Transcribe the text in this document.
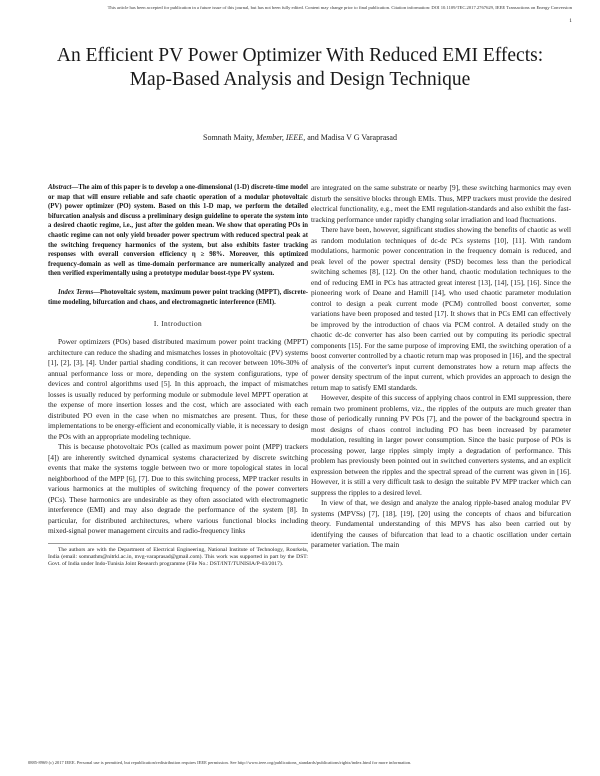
This article has been accepted for publication in a future issue of this journal, but has not been fully edited. Content may change prior to final publication. Citation information: DOI 10.1109/TEC.2017.2767629, IEEE Transactions on Energy Conversion
1
An Efficient PV Power Optimizer With Reduced EMI Effects: Map-Based Analysis and Design Technique
Somnath Maity, Member, IEEE, and Madisa V G Varaprasad

Abstract—The aim of this paper is to develop a one-dimensional (1-D) discrete-time model or map that will ensure reliable and safe chaotic operation of a modular photovoltaic (PV) power optimizer (PO) system. Based on this 1-D map, we perform the detailed bifurcation analysis and discuss a preliminary design guideline to operate the system into a desired chaotic regime, i.e., just after the golden mean. We show that operating POs in chaotic regime can not only yield broader power spectrum with reduced spectral peak at the switching frequency harmonics of the system, but also exhibits faster tracking responses with overall conversion efficiency η ≥ 98%. Moreover, this optimized frequency-domain as well as time-domain performance are numerically analyzed and then verified experimentally using a prototype modular boost-type PV system.

Index Terms—Photovoltaic system, maximum power point tracking (MPPT), discrete-time modeling, bifurcation and chaos, and electromagnetic interference (EMI).

I. Introduction

Power optimizers (POs) based distributed maximum power point tracking (MPPT) architecture can reduce the shading and mismatches losses in photovoltaic (PV) systems [1], [2], [3], [4]. Under partial shading conditions, it can recover between 10%-30% of annual performance loss or more, depending on the system configurations, type of devices and control algorithms used [5]. In this approach, the impact of mismatches losses is usually reduced by performing module or submodule level MPPT operation at the expense of more insertion losses and the cost, which are associated with each distributed PO even in the case when no mismatches are present. Thus, for these implementations to be energy-efficient and economically viable, it is necessary to design the POs with an appropriate modeling technique.

This is because photovoltaic POs (called as maximum power point (MPP) trackers [4]) are inherently switched dynamical systems characterized by discrete switching events that make the systems toggle between two or more topological states in local neighborhood of the MPP [6], [7]. Due to this switching process, MPP tracker results in various harmonics at the multiples of switching frequency of the power converters (PCs). These harmonics are undesirable as they often associated with electromagnetic interference (EMI) and may also degrade the performance of the system [8]. In particular, for distributed architectures, where various functional blocks including mixed-signal power management circuits and radio-frequency links

The authors are with the Department of Electrical Engineering, National Institute of Technology, Rourkela, India (email: somnathm@nitrkl.ac.in, mvg-varaprasad@gmail.com). This work was supported in part by the DST: Govt. of India under Indo-Tunisia Joint Research programme (File No.: DST/INT/TUNISIA/P-03/2017).

are integrated on the same substrate or nearby [9], these switching harmonics may even disturb the sensitive blocks through EMIs. Thus, MPP trackers must provide the desired electrical functionality, e.g., meet the EMI regulation-standards and also exhibit the fast-tracking performance under rapidly changing solar irradiation and load fluctuations.

There have been, however, significant studies showing the benefits of chaotic as well as random modulation techniques of dc-dc PCs systems [10], [11]. With random modulations, harmonic power concentration in the frequency domain is reduced, and peak level of the power spectral density (PSD) becomes less than the periodical switching schemes [8], [12]. On the other hand, chaotic modulation techniques to the end of reducing EMI in PCs has attracted great interest [13], [14], [15], [16]. Since the pioneering work of Deane and Hamill [14], who used chaotic parameter modulation control to design a peak current mode (PCM) controlled boost converter, some variations have been proposed and tested [17]. It shows that in PCs EMI can effectively be improved by the introduction of chaos via PCM control. A detailed study on the chaotic dc-dc converter has also been carried out by computing its periodic spectral components [15]. For the same purpose of improving EMI, the switching operation of a boost converter controlled by a chaotic return map was proposed in [16], and the spectral analysis of the converter's input current demonstrates how a return map affects the power density spectrum of the input current, which provides an approach to design the return map to satisfy EMI standards.

However, despite of this success of applying chaos control in EMI suppression, there remain two prominent problems, viz., the ripples of the outputs are much greater than those of periodically running PV POs [7], and the power of the background spectra in most designs of chaos control including PO has been increased by parameter modulation, resulting in larger power consumption. Since the basic purpose of POs is processing power, large ripples simply imply a degradation of performance. This problem has previously been pointed out in switched converters systems, and an explicit expression between the ripples and the spectral spread of the current was given in [16]. However, it is still a very difficult task to design the suitable PV MPP tracker which can suppress the ripples to a desired level.

In view of that, we design and analyze the analog ripple-based analog modular PV systems (MPVSs) [7], [18], [19], [20] using the concepts of chaos and bifurcation theory. Fundamental understanding of this MPVS has also been carried out by identifying the causes of bifurcation that lead to a chaotic oscillation under certain parameter variation. The main

0885-8969 (c) 2017 IEEE. Personal use is permitted, but republication/redistribution requires IEEE permission. See http://www.ieee.org/publications_standards/publications/rights/index.html for more information.
